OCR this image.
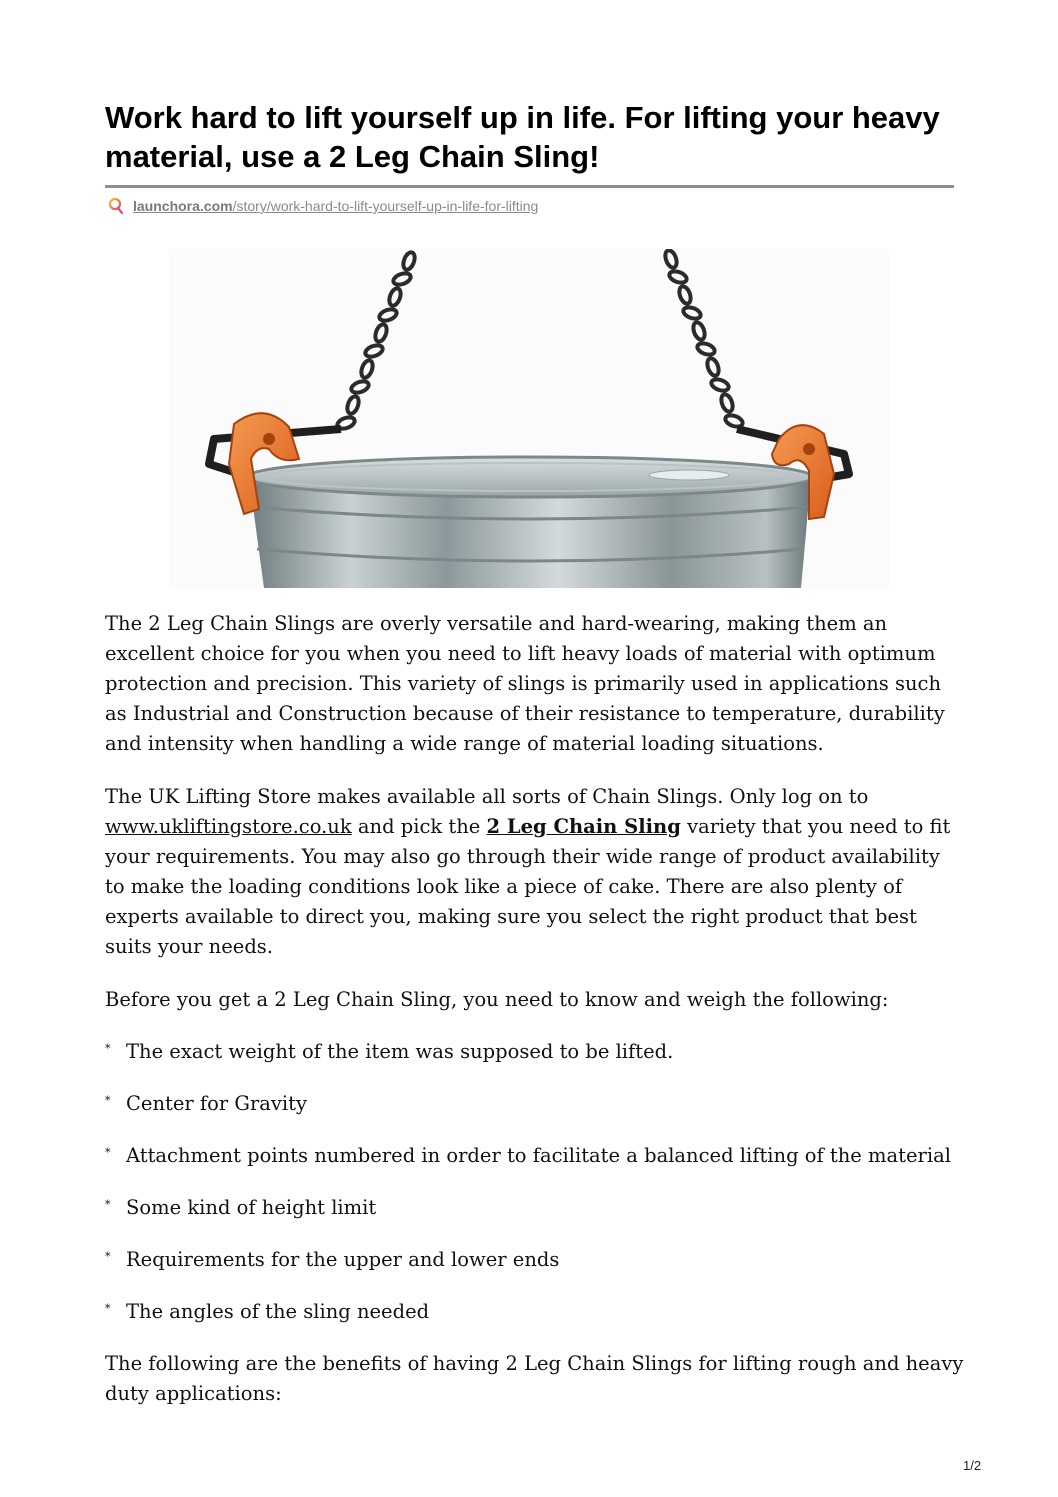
Work hard to lift yourself up in life. For lifting your heavy material, use a 2 Leg Chain Sling!
launchora.com/story/work-hard-to-lift-yourself-up-in-life-for-lifting

The 2 Leg Chain Slings are overly versatile and hard-wearing, making them an excellent choice for you when you need to lift heavy loads of material with optimum protection and precision. This variety of slings is primarily used in applications such as Industrial and Construction because of their resistance to temperature, durability and intensity when handling a wide range of material loading situations.

The UK Lifting Store makes available all sorts of Chain Slings. Only log on to www.ukliftingstore.co.uk and pick the 2 Leg Chain Sling variety that you need to fit your requirements. You may also go through their wide range of product availability to make the loading conditions look like a piece of cake. There are also plenty of experts available to direct you, making sure you select the right product that best suits your needs.

Before you get a 2 Leg Chain Sling, you need to know and weigh the following:

* The exact weight of the item was supposed to be lifted.
* Center for Gravity
* Attachment points numbered in order to facilitate a balanced lifting of the material
* Some kind of height limit
* Requirements for the upper and lower ends
* The angles of the sling needed

The following are the benefits of having 2 Leg Chain Slings for lifting rough and heavy duty applications:

1/2
